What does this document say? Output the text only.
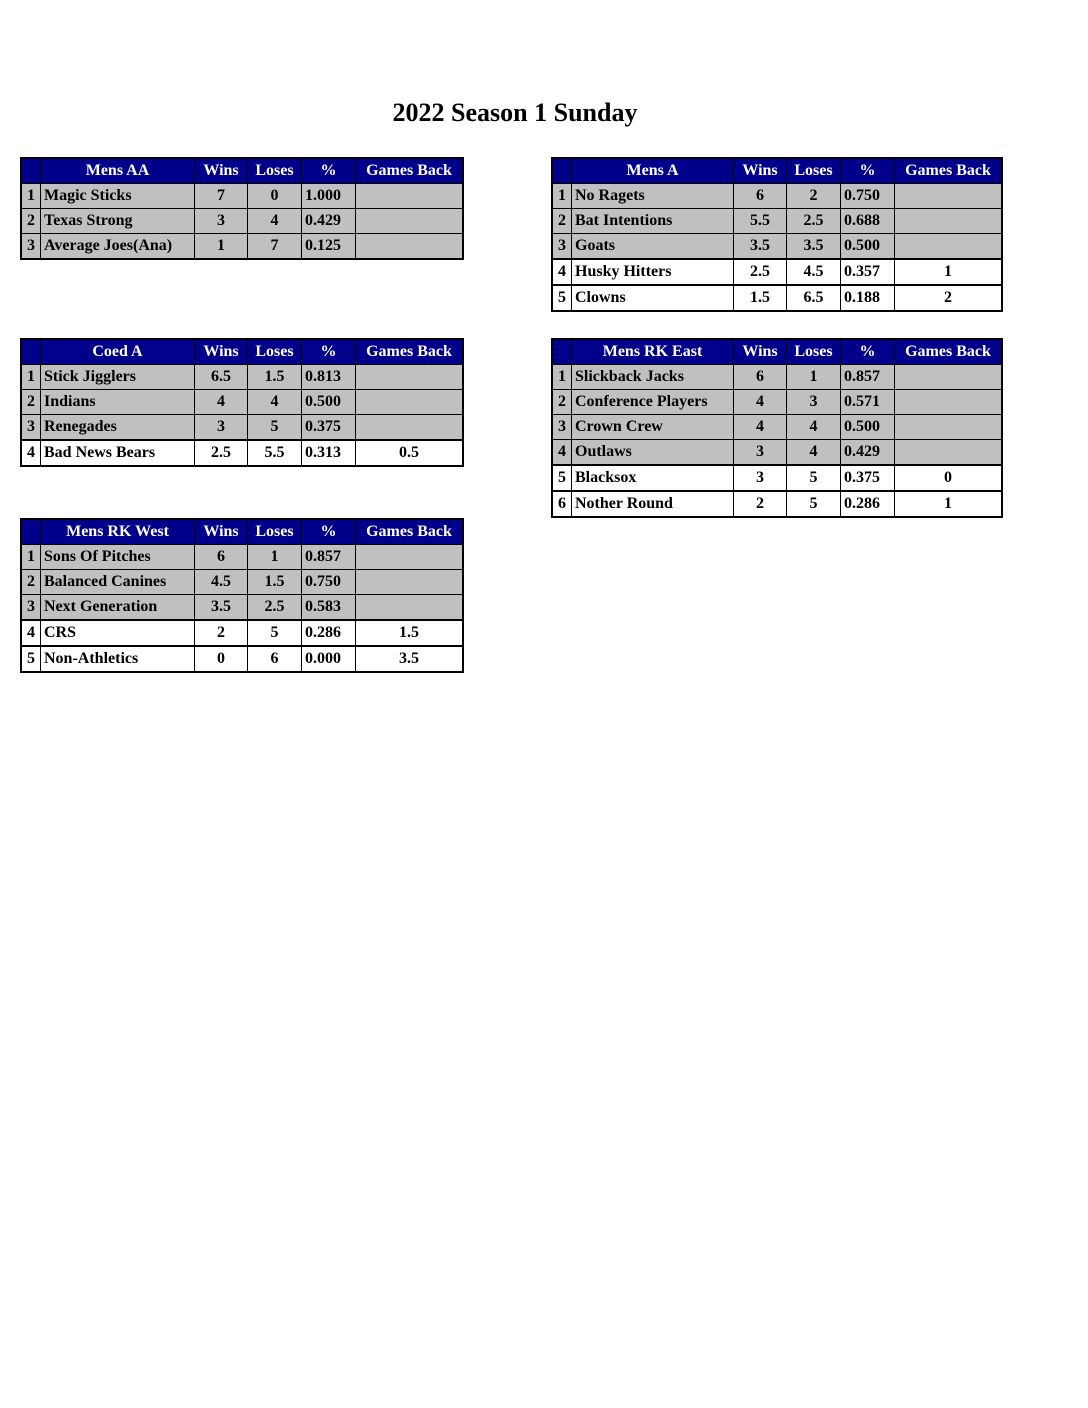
2022 Season 1 Sunday
	Mens AA	Wins	Loses	%	Games Back
1	Magic Sticks	7	0	1.000	
2	Texas Strong	3	4	0.429	
3	Average Joes(Ana)	1	7	0.125	
	Mens A	Wins	Loses	%	Games Back
1	No Ragets	6	2	0.750	
2	Bat Intentions	5.5	2.5	0.688	
3	Goats	3.5	3.5	0.500	
4	Husky Hitters	2.5	4.5	0.357	1
5	Clowns	1.5	6.5	0.188	2
	Coed A	Wins	Loses	%	Games Back
1	Stick Jigglers	6.5	1.5	0.813	
2	Indians	4	4	0.500	
3	Renegades	3	5	0.375	
4	Bad News Bears	2.5	5.5	0.313	0.5
	Mens RK East	Wins	Loses	%	Games Back
1	Slickback Jacks	6	1	0.857	
2	Conference Players	4	3	0.571	
3	Crown Crew	4	4	0.500	
4	Outlaws	3	4	0.429	
5	Blacksox	3	5	0.375	0
6	Nother Round	2	5	0.286	1
	Mens RK West	Wins	Loses	%	Games Back
1	Sons Of Pitches	6	1	0.857	
2	Balanced Canines	4.5	1.5	0.750	
3	Next Generation	3.5	2.5	0.583	
4	CRS	2	5	0.286	1.5
5	Non-Athletics	0	6	0.000	3.5
